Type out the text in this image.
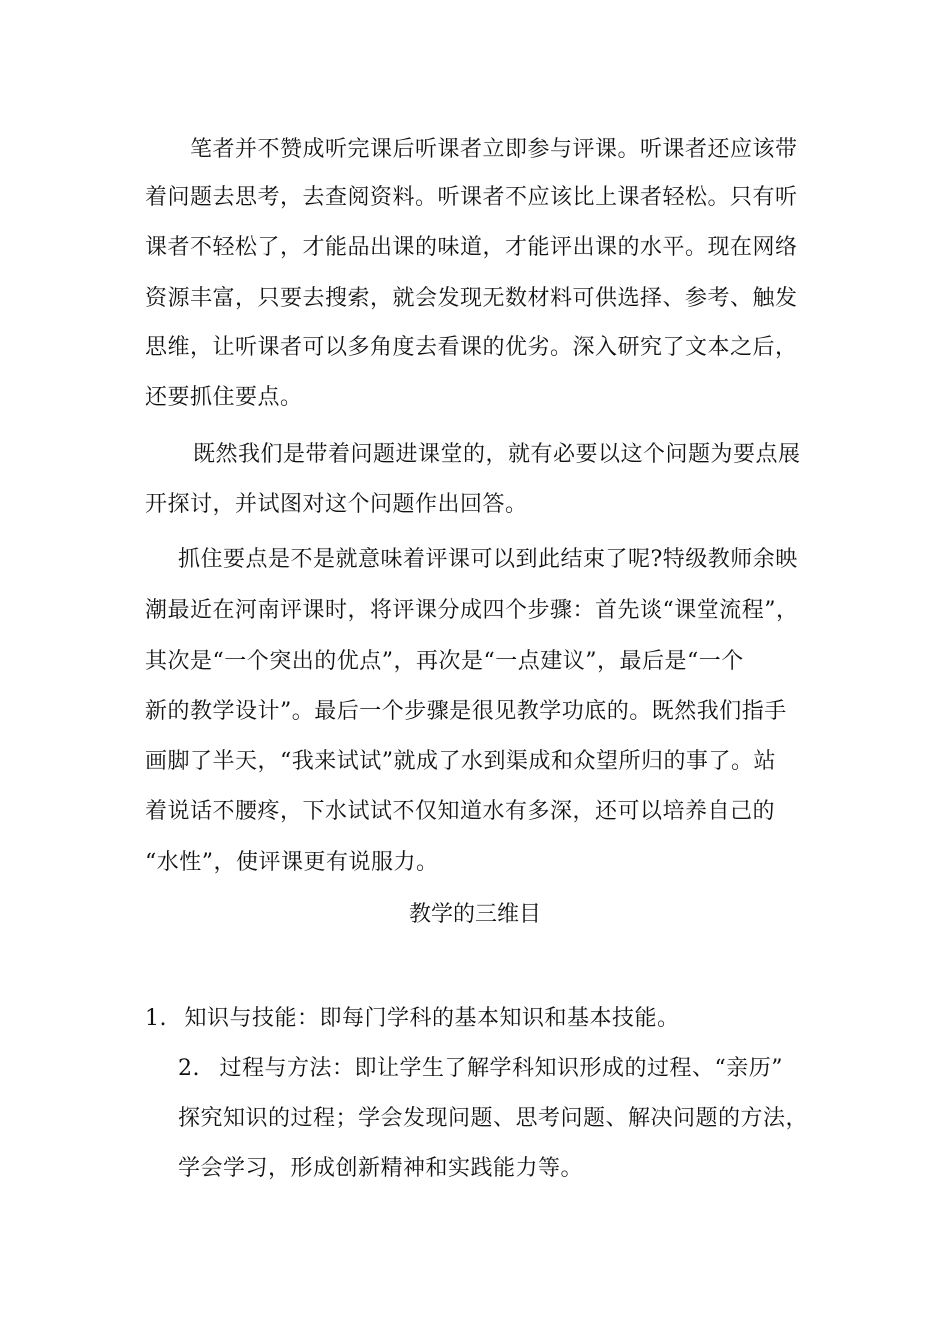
笔者并不赞成听完课后听课者立即参与评课。听课者还应该带
着问题去思考，去查阅资料。听课者不应该比上课者轻松。只有听
课者不轻松了，才能品出课的味道，才能评出课的水平。现在网络
资源丰富，只要去搜索，就会发现无数材料可供选择、参考、触发
思维，让听课者可以多角度去看课的优劣。深入研究了文本之后，
还要抓住要点。
既然我们是带着问题进课堂的，就有必要以这个问题为要点展
开探讨，并试图对这个问题作出回答。
抓住要点是不是就意味着评课可以到此结束了呢?特级教师余映
潮最近在河南评课时，将评课分成四个步骤：首先谈“课堂流程”，
其次是“一个突出的优点”，再次是“一点建议”，最后是“一个
新的教学设计”。最后一个步骤是很见教学功底的。既然我们指手
画脚了半天，“我来试试”就成了水到渠成和众望所归的事了。站
着说话不腰疼，下水试试不仅知道水有多深，还可以培养自己的
“水性”，使评课更有说服力。
教学的三维目
1. 知识与技能：即每门学科的基本知识和基本技能。
2. 过程与方法：即让学生了解学科知识形成的过程、“亲历”
探究知识的过程；学会发现问题、思考问题、解决问题的方法，
学会学习，形成创新精神和实践能力等。
